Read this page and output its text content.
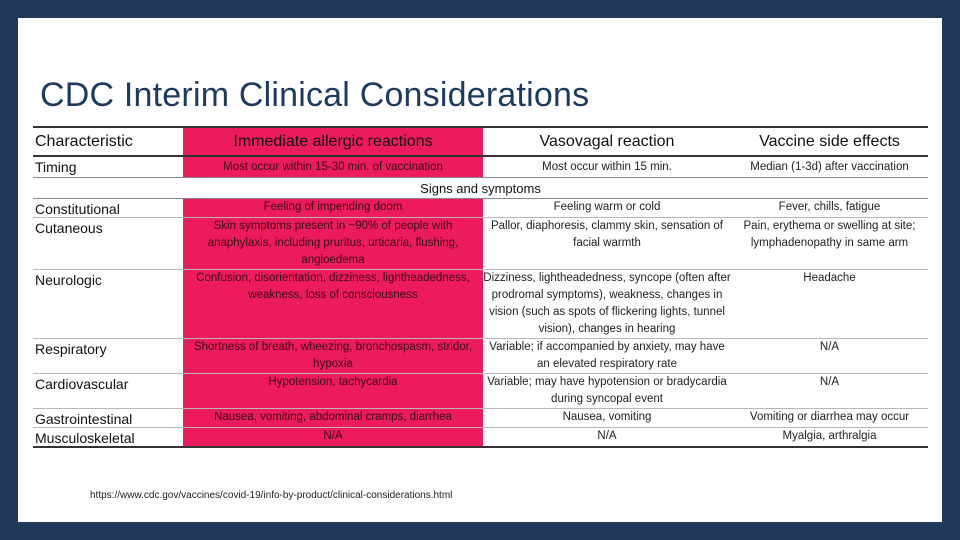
CDC Interim Clinical Considerations
Characteristic	Immediate allergic reactions	Vasovagal reaction	Vaccine side effects
Timing	Most occur within 15-30 min. of vaccination	Most occur within 15 min.	Median (1-3d) after vaccination
Signs and symptoms			
Constitutional	Feeling of impending doom	Feeling warm or cold	Fever, chills, fatigue
Cutaneous	Skin symptoms present in ~90% of people with anaphylaxis, including pruritus, urticaria, flushing, angioedema	Pallor, diaphoresis, clammy skin, sensation of facial warmth	Pain, erythema or swelling at site; lymphadenopathy in same arm
Neurologic	Confusion, disorientation, dizziness, lightheadedness, weakness, loss of consciousness	Dizziness, lightheadedness, syncope (often after prodromal symptoms), weakness, changes in vision (such as spots of flickering lights, tunnel vision), changes in hearing	Headache
Respiratory	Shortness of breath, wheezing, bronchospasm, stridor, hypoxia	Variable; if accompanied by anxiety, may have an elevated respiratory rate	N/A
Cardiovascular	Hypotension, tachycardia	Variable; may have hypotension or bradycardia during syncopal event	N/A
Gastrointestinal	Nausea, vomiting, abdominal cramps, diarrhea	Nausea, vomiting	Vomiting or diarrhea may occur
Musculoskeletal	N/A	N/A	Myalgia, arthralgia
https://www.cdc.gov/vaccines/covid-19/info-by-product/clinical-considerations.html
